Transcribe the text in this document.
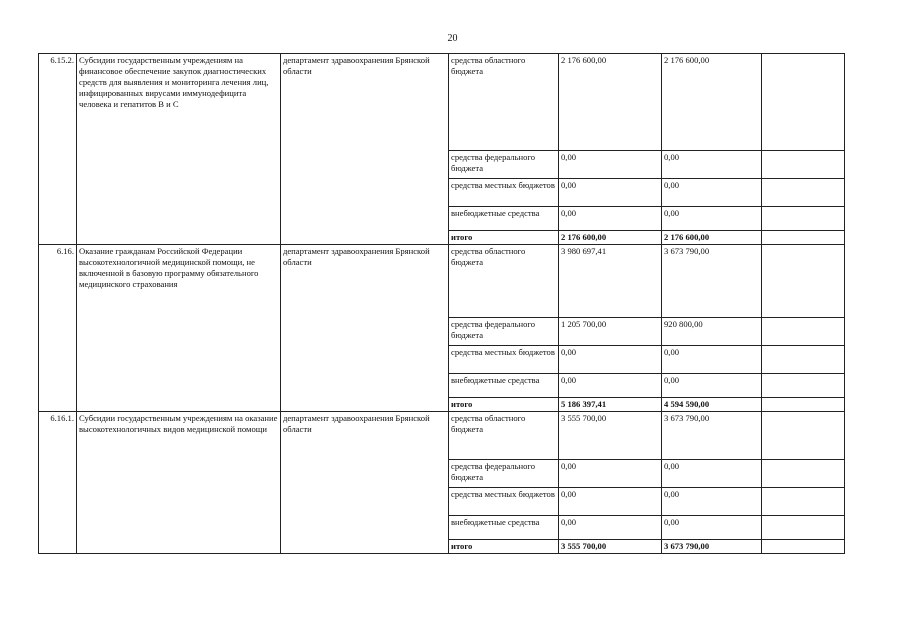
20
6.15.2.	Субсидии государственным учреждениям на финансовое обеспечение закупок диагностических средств для выявления и мониторинга лечения лиц, инфицированных вирусами иммунодефицита человека и гепатитов В и С	департамент здравоохранения Брянской области	средства областного бюджета	2 176 600,00	2 176 600,00	
			средства федерального бюджета	0,00	0,00	
			средства местных бюджетов	0,00	0,00	
			внебюджетные средства	0,00	0,00	
			итого	2 176 600,00	2 176 600,00	
6.16.	Оказание гражданам Российской Федерации высокотехнологичной медицинской помощи, не включенной в базовую программу обязательного медицинского страхования	департамент здравоохранения Брянской области	средства областного бюджета	3 980 697,41	3 673 790,00	
			средства федерального бюджета	1 205 700,00	920 800,00	
			средства местных бюджетов	0,00	0,00	
			внебюджетные средства	0,00	0,00	
			итого	5 186 397,41	4 594 590,00	
6.16.1.	Субсидии государственным учреждениям на оказание высокотехнологичных видов медицинской помощи	департамент здравоохранения Брянской области	средства областного бюджета	3 555 700,00	3 673 790,00	
			средства федерального бюджета	0,00	0,00	
			средства местных бюджетов	0,00	0,00	
			внебюджетные средства	0,00	0,00	
			итого	3 555 700,00	3 673 790,00	
